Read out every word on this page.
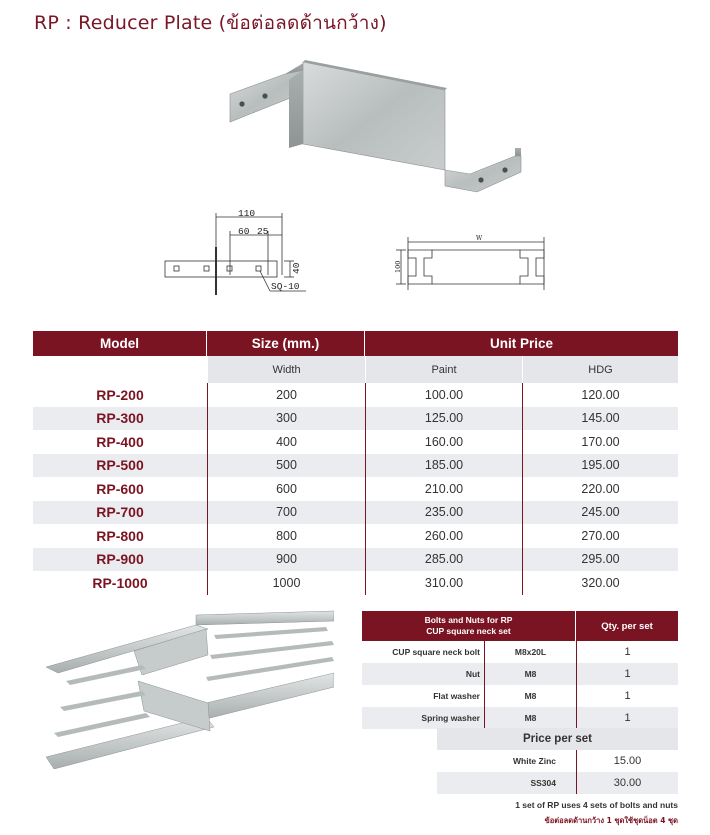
RP : Reducer Plate (ข้อต่อลดด้านกว้าง)
110
60 25
40
SQ-10
W
100
Model	Size (mm.)	Unit Price
Width	Paint	HDG
RP-200	200	100.00	120.00
RP-300	300	125.00	145.00
RP-400	400	160.00	170.00
RP-500	500	185.00	195.00
RP-600	600	210.00	220.00
RP-700	700	235.00	245.00
RP-800	800	260.00	270.00
RP-900	900	285.00	295.00
RP-1000	1000	310.00	320.00
Bolts and Nuts for RP
CUP square neck set	Qty. per set
CUP square neck bolt	M8x20L	1
Nut	M8	1
Flat washer	M8	1
Spring washer	M8	1
Price per set
White Zinc	15.00
SS304	30.00
1 set of RP uses 4 sets of bolts and nuts
ข้อต่อลดด้านกว้าง 1 ชุดใช้ชุดน็อต 4 ชุด
